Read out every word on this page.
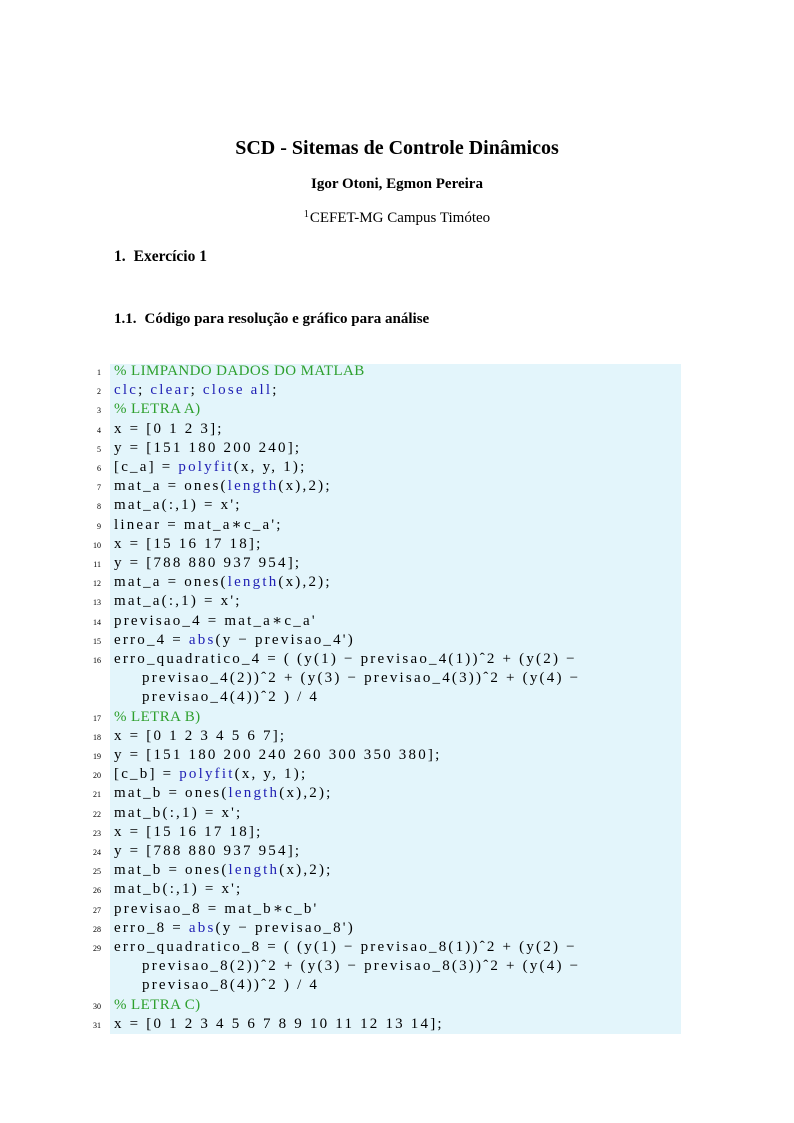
SCD - Sitemas de Controle Dinâmicos
Igor Otoni, Egmon Pereira
$^1$CEFET-MG Campus Timóteo
1. Exercício 1
1.1. Código para resolução e gráfico para análise
1 % LIMPANDO DADOS DO MATLAB
2 clc; clear; close all;
3 % LETRA A)
4 x = [0 1 2 3];
5 y = [151 180 200 240];
6 [c_a] = polyfit(x, y, 1);
7 mat_a = ones(length(x),2);
8 mat_a(:,1) = x';
9 linear = mat_a∗c_a';
10 x = [15 16 17 18];
11 y = [788 880 937 954];
12 mat_a = ones(length(x),2);
13 mat_a(:,1) = x';
14 previsao_4 = mat_a∗c_a'
15 erro_4 = abs(y − previsao_4')
16 erro_quadratico_4 = ( (y(1) − previsao_4(1))ˆ2 + (y(2) −
previsao_4(2))ˆ2 + (y(3) − previsao_4(3))ˆ2 + (y(4) −
previsao_4(4))ˆ2 ) / 4
17 % LETRA B)
18 x = [0 1 2 3 4 5 6 7];
19 y = [151 180 200 240 260 300 350 380];
20 [c_b] = polyfit(x, y, 1);
21 mat_b = ones(length(x),2);
22 mat_b(:,1) = x';
23 x = [15 16 17 18];
24 y = [788 880 937 954];
25 mat_b = ones(length(x),2);
26 mat_b(:,1) = x';
27 previsao_8 = mat_b∗c_b'
28 erro_8 = abs(y − previsao_8')
29 erro_quadratico_8 = ( (y(1) − previsao_8(1))ˆ2 + (y(2) −
previsao_8(2))ˆ2 + (y(3) − previsao_8(3))ˆ2 + (y(4) −
previsao_8(4))ˆ2 ) / 4
30 % LETRA C)
31 x = [0 1 2 3 4 5 6 7 8 9 10 11 12 13 14];
